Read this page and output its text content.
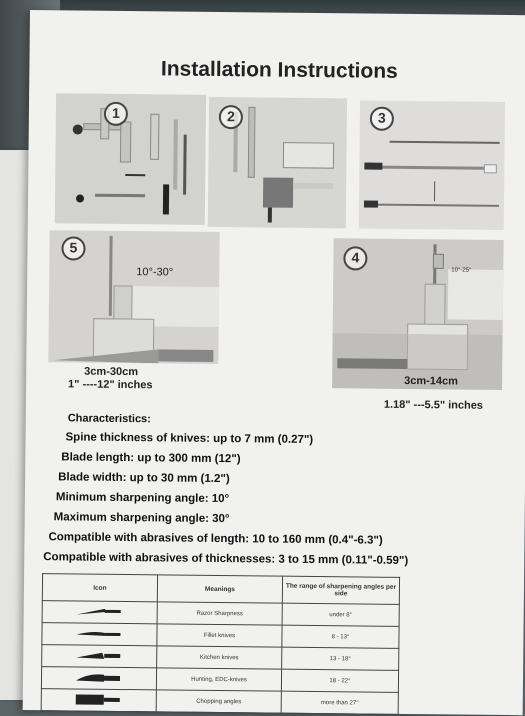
Installation Instructions
1	2	3
5
10°-30°
3cm-30cm
1" ----12" inches
4
10°-25°
3cm-14cm
1.18" ---5.5" inches
Characteristics:
Spine thickness of knives: up to 7 mm (0.27")
Blade length: up to 300 mm (12")
Blade width: up to 30 mm (1.2")
Minimum sharpening angle: 10°
Maximum sharpening angle: 30°
Compatible with abrasives of length: 10 to 160 mm (0.4"-6.3")
Compatible with abrasives of thicknesses: 3 to 15 mm (0.11"-0.59")
Icon	Meanings	The range of sharpening angles per side
	Razor Sharpness	under 8°
	Fillet knives	8 - 13°
	Kitchen knives	13 - 18°
	Hunting, EDC-knives	18 - 22°
	Chopping angles	more than 27°
